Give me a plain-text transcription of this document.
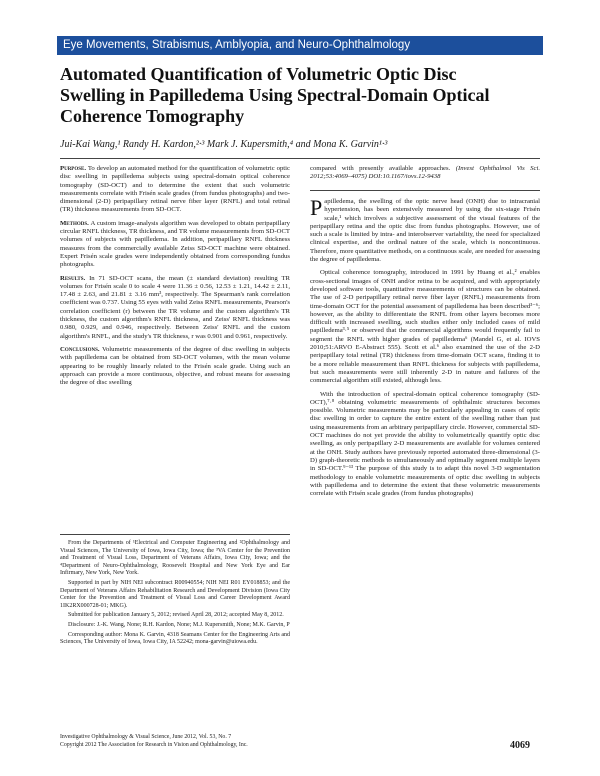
Eye Movements, Strabismus, Amblyopia, and Neuro-Ophthalmology
Automated Quantification of Volumetric Optic Disc
Swelling in Papilledema Using Spectral-Domain Optical
Coherence Tomography
Jui-Kai Wang,¹ Randy H. Kardon,²·³ Mark J. Kupersmith,⁴ and Mona K. Garvin¹·³

Purpose. To develop an automated method for the quantification of volumetric optic disc swelling in papilledema subjects using spectral-domain optical coherence tomography (SD-OCT) and to determine the extent that such volumetric measurements correlate with Frisén scale grades (from fundus photographs) and two-dimensional (2-D) peripapillary retinal nerve fiber layer (RNFL) and total retinal (TR) thickness measurements from SD-OCT.

Methods. A custom image-analysis algorithm was developed to obtain peripapillary circular RNFL thickness, TR thickness, and TR volume measurements from SD-OCT volumes of subjects with papilledema. In addition, peripapillary RNFL thickness measures from the commercially available Zeiss SD-OCT machine were obtained. Expert Frisén scale grades were independently obtained from corresponding fundus photographs.

Results. In 71 SD-OCT scans, the mean (± standard deviation) resulting TR volumes for Frisén scale 0 to scale 4 were 11.36 ± 0.56, 12.53 ± 1.21, 14.42 ± 2.11, 17.48 ± 2.63, and 21.81 ± 3.16 mm³, respectively. The Spearman's rank correlation coefficient was 0.737. Using 55 eyes with valid Zeiss RNFL measurements, Pearson's correlation coefficient (r) between the TR volume and the custom algorithm's TR thickness, the custom algorithm's RNFL thickness, and Zeiss' RNFL thickness was 0.980, 0.929, and 0.946, respectively. Between Zeiss' RNFL and the custom algorithm's RNFL, and the study's TR thickness, r was 0.901 and 0.961, respectively.

Conclusions. Volumetric measurements of the degree of disc swelling in subjects with papilledema can be obtained from SD-OCT volumes, with the mean volume appearing to be roughly linearly related to the Frisén scale grade. Using such an approach can provide a more continuous, objective, and robust means for assessing the degree of disc swelling

compared with presently available approaches. (Invest Ophthalmol Vis Sci. 2012;53:4069–4075) DOI:10.1167/iovs.12-9438

Papilledema, the swelling of the optic nerve head (ONH) due to intracranial hypertension, has been extensively measured by using the six-stage Frisén scale,¹ which involves a subjective assessment of the visual features of the peripapillary retina and the optic disc from fundus photographs. However, use of such a scale is limited by intra- and interobserver variability, the need for specialized clinical expertise, and the ordinal nature of the scale, which is noncontinuous. Therefore, more quantitative methods, on a continuous scale, are needed for assessing the degree of papilledema.

Optical coherence tomography, introduced in 1991 by Huang et al.,² enables cross-sectional images of ONH and/or retina to be acquired, and with appropriately developed software tools, quantitative measurements of structures can be obtained. The use of 2-D peripapillary retinal nerve fiber layer (RNFL) measurements from time-domain OCT for the potential assessment of papilledema has been described³⁻⁶; however, as the ability to differentiate the RNFL from other layers becomes more difficult with increased swelling, such studies either only included cases of mild papilledema³·⁵ or observed that the commercial algorithms would frequently fail to segment the RNFL with higher grades of papilledema⁶ (Mandel G, et al. IOVS 2010;51:ARVO E-Abstract 555). Scott et al.⁶ also examined the use of the 2-D peripapillary total retinal (TR) thickness from time-domain OCT scans, finding it to be a more reliable measurement than RNFL thickness for subjects with papilledema, but such measurements were still inherently 2-D in nature and failures of the commercial algorithm still existed, although less.

With the introduction of spectral-domain optical coherence tomography (SD-OCT),⁷·⁸ obtaining volumetric measurements of ophthalmic structures becomes possible. Volumetric measurements may be particularly appealing in cases of optic disc swelling in order to capture the entire extent of the swelling rather than just using measurements from an arbitrary peripapillary circle. However, commercial SD-OCT machines do not yet provide the ability to volumetrically quantify optic disc swelling, as only peripapillary 2-D measurements are available for volumes centered at the ONH. Study authors have previously reported automated three-dimensional (3-D) graph-theoretic methods to simultaneously and optimally segment multiple layers in SD-OCT.⁹⁻¹³ The purpose of this study is to adapt this novel 3-D segmentation methodology to enable volumetric measurements of optic disc swelling in subjects with papilledema and to determine the extent that these volumetric measurements correlate with Frisén scale grades (from fundus photographs)

From the Departments of ¹Electrical and Computer Engineering and ²Ophthalmology and Visual Sciences, The University of Iowa, Iowa City, Iowa; the ³VA Center for the Prevention and Treatment of Visual Loss, Department of Veterans Affairs, Iowa City, Iowa; and the ⁴Department of Neuro-Ophthalmology, Roosevelt Hospital and New York Eye and Ear Infirmary, New York, New York.

Supported in part by NIH NEI subcontract R00940554; NIH NEI R01 EY018853; and the Department of Veterans Affairs Rehabilitation Research and Development Division (Iowa City Center for the Prevention and Treatment of Visual Loss and Career Development Award 1IK2RX000728-01; MKG).

Submitted for publication January 5, 2012; revised April 28, 2012; accepted May 8, 2012.

Disclosure: J.-K. Wang, None; R.H. Kardon, None; M.J. Kupersmith, None; M.K. Garvin, P

Corresponding author: Mona K. Garvin, 4318 Seamans Center for the Engineering Arts and Sciences, The University of Iowa, Iowa City, IA 52242; mona-garvin@uiowa.edu.

Investigative Ophthalmology & Visual Science, June 2012, Vol. 53, No. 7
Copyright 2012 The Association for Research in Vision and Ophthalmology, Inc.	4069
